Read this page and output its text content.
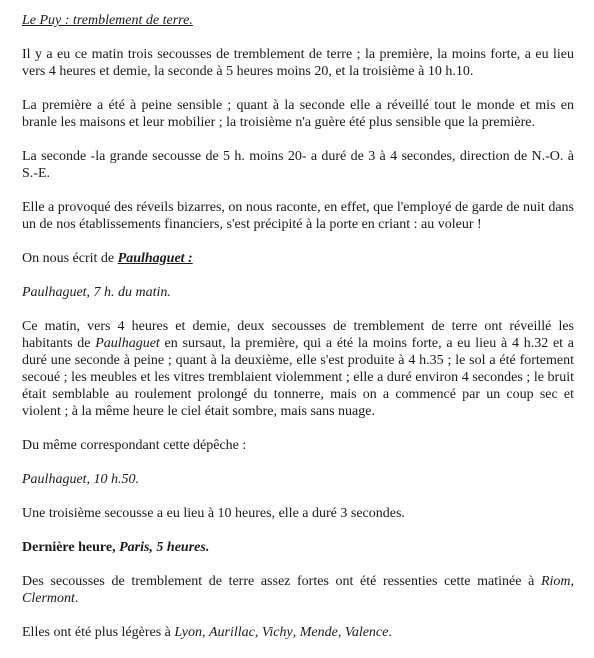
Le Puy : tremblement de terre.

Il y a eu ce matin trois secousses de tremblement de terre ; la première, la moins forte, a eu lieu vers 4 heures et demie, la seconde à 5 heures moins 20, et la troisième à 10 h.10.

La première a été à peine sensible ; quant à la seconde elle a réveillé tout le monde et mis en branle les maisons et leur mobilier ; la troisième n'a guère été plus sensible que la première.

La seconde -la grande secousse de 5 h. moins 20- a duré de 3 à 4 secondes, direction de N.-O. à S.-E.

Elle a provoqué des réveils bizarres, on nous raconte, en effet, que l'employé de garde de nuit dans un de nos établissements financiers, s'est précipité à la porte en criant : au voleur !

On nous écrit de Paulhaguet :

Paulhaguet, 7 h. du matin.

Ce matin, vers 4 heures et demie, deux secousses de tremblement de terre ont réveillé les habitants de Paulhaguet en sursaut, la première, qui a été la moins forte, a eu lieu à 4 h.32 et a duré une seconde à peine ; quant à la deuxième, elle s'est produite à 4 h.35 ; le sol a été fortement secoué ; les meubles et les vitres tremblaient violemment ; elle a duré environ 4 secondes ; le bruit était semblable au roulement prolongé du tonnerre, mais on a commencé par un coup sec et violent ; à la même heure le ciel était sombre, mais sans nuage.

Du même correspondant cette dépêche :

Paulhaguet, 10 h.50.

Une troisième secousse a eu lieu à 10 heures, elle a duré 3 secondes.

Dernière heure, Paris, 5 heures.

Des secousses de tremblement de terre assez fortes ont été ressenties cette matinée à Riom, Clermont.

Elles ont été plus légères à Lyon, Aurillac, Vichy, Mende, Valence.
